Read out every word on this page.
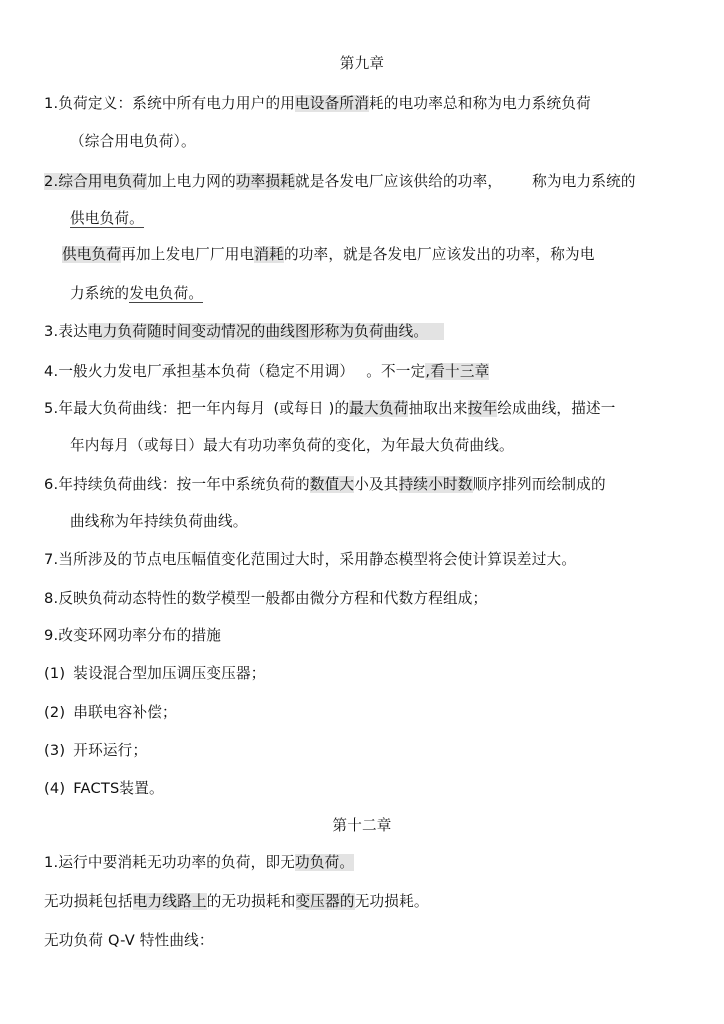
第九章
1.负荷定义：系统中所有电力用户的用电设备所消耗的电功率总和称为电力系统负荷
（综合用电负荷）。
2.综合用电负荷加上电力网的功率损耗就是各发电厂应该供给的功率， 称为电力系统的
供电负荷。
供电负荷再加上发电厂厂用电消耗的功率，就是各发电厂应该发出的功率，称为电
力系统的发电负荷。
3.表达电力负荷随时间变动情况的曲线图形称为负荷曲线。
4.一般火力发电厂承担基本负荷（稳定不用调） 。不一定,看十三章
5.年最大负荷曲线：把一年内每月 (或每日 )的最大负荷抽取出来按年绘成曲线，描述一
年内每月（或每日）最大有功功率负荷的变化，为年最大负荷曲线。
6.年持续负荷曲线：按一年中系统负荷的数值大小及其持续小时数顺序排列而绘制成的
曲线称为年持续负荷曲线。
7.当所涉及的节点电压幅值变化范围过大时，采用静态模型将会使计算误差过大。
8.反映负荷动态特性的数学模型一般都由微分方程和代数方程组成；
9.改变环网功率分布的措施
(1) 装设混合型加压调压变压器；
(2) 串联电容补偿；
(3) 开环运行；
(4) FACTS装置。
第十二章
1.运行中要消耗无功功率的负荷，即无功负荷。
无功损耗包括电力线路上的无功损耗和变压器的无功损耗。
无功负荷 Q-V 特性曲线：
